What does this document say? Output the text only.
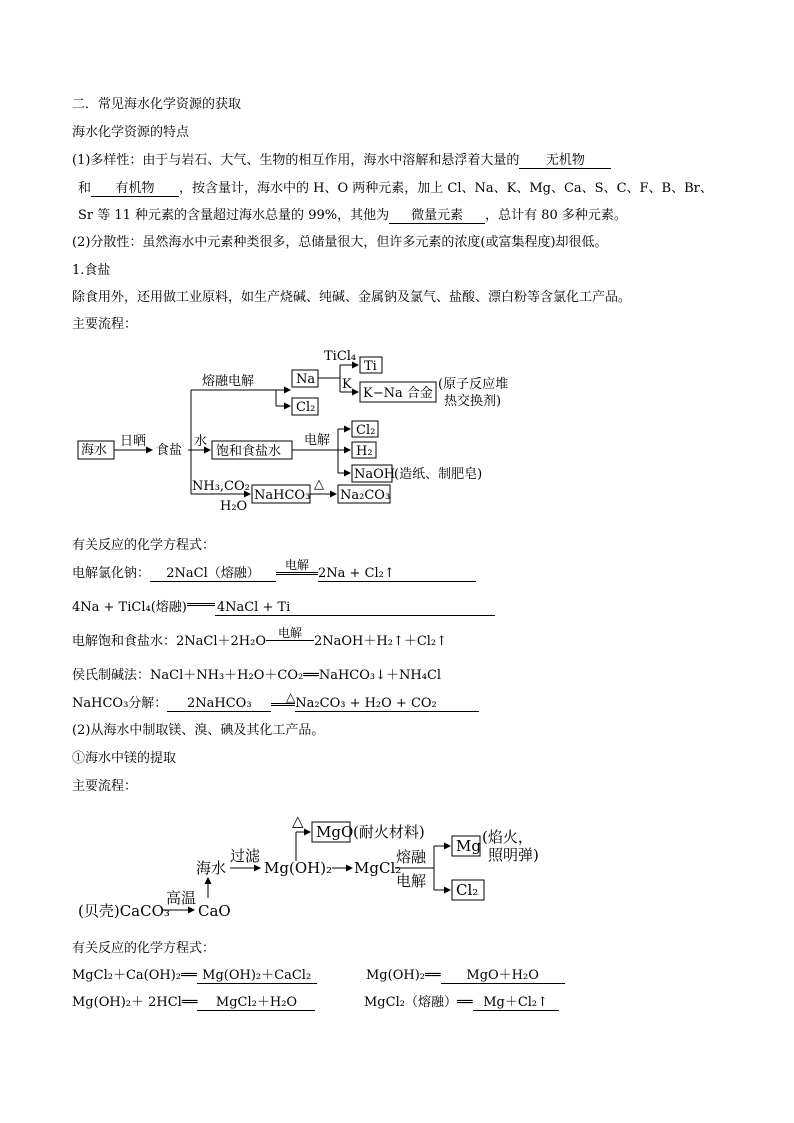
二．常见海水化学资源的获取
海水化学资源的特点
(1)多样性：由于与岩石、大气、生物的相互作用，海水中溶解和悬浮着大量的 无机物
和 有机物 ，按含量计，海水中的 H、O 两种元素，加上 Cl、Na、K、Mg、Ca、S、C、F、B、Br、
Sr 等 11 种元素的含量超过海水总量的 99%，其他为 微量元素 ，总计有 80 多种元素。
(2)分散性：虽然海水中元素种类很多，总储量很大，但许多元素的浓度(或富集程度)却很低。
1.食盐
除食用外，还用做工业原料，如生产烧碱、纯碱、金属钠及氯气、盐酸、漂白粉等含氯化工产品。
主要流程：
海水
日晒
食盐
熔融电解	Na
Cl₂
TiCl₄
Ti
K
K−Na 合金
(原子反应堆
热交换剂)
水
饱和食盐水
电解
Cl₂
H₂
NaOH
(造纸、制肥皂)
NH₃,CO₂
H₂O
NaHCO₃
△
Na₂CO₃
有关反应的化学方程式：
电解氯化钠： 2NaCl（熔融）电解2Na + Cl₂↑
4Na + TiCl₄(熔融) 4NaCl + Ti
电解饱和食盐水：2NaCl＋2H₂O电解2NaOH＋H₂↑＋Cl₂↑
侯氏制碱法：NaCl＋NH₃＋H₂O＋CO₂══NaHCO₃↓＋NH₄Cl
NaHCO₃分解： 2NaHCO₃	△Na₂CO₃ + H₂O + CO₂
(2)从海水中制取镁、溴、碘及其化工产品。
①海水中镁的提取
主要流程：
△
MgO (耐火材料)
过滤
海水	Mg(OH)₂ MgCl₂
熔融
电解
Mg (焰火，
照明弹)
Cl₂
高温
(贝壳)CaCO₃ CaO
有关反应的化学方程式：
MgCl₂＋Ca(OH)₂══ Mg(OH)₂＋CaCl₂	Mg(OH)₂══ MgO＋H₂O
Mg(OH)₂＋ 2HCl══ MgCl₂＋H₂O	MgCl₂（熔融）══ Mg＋Cl₂↑
